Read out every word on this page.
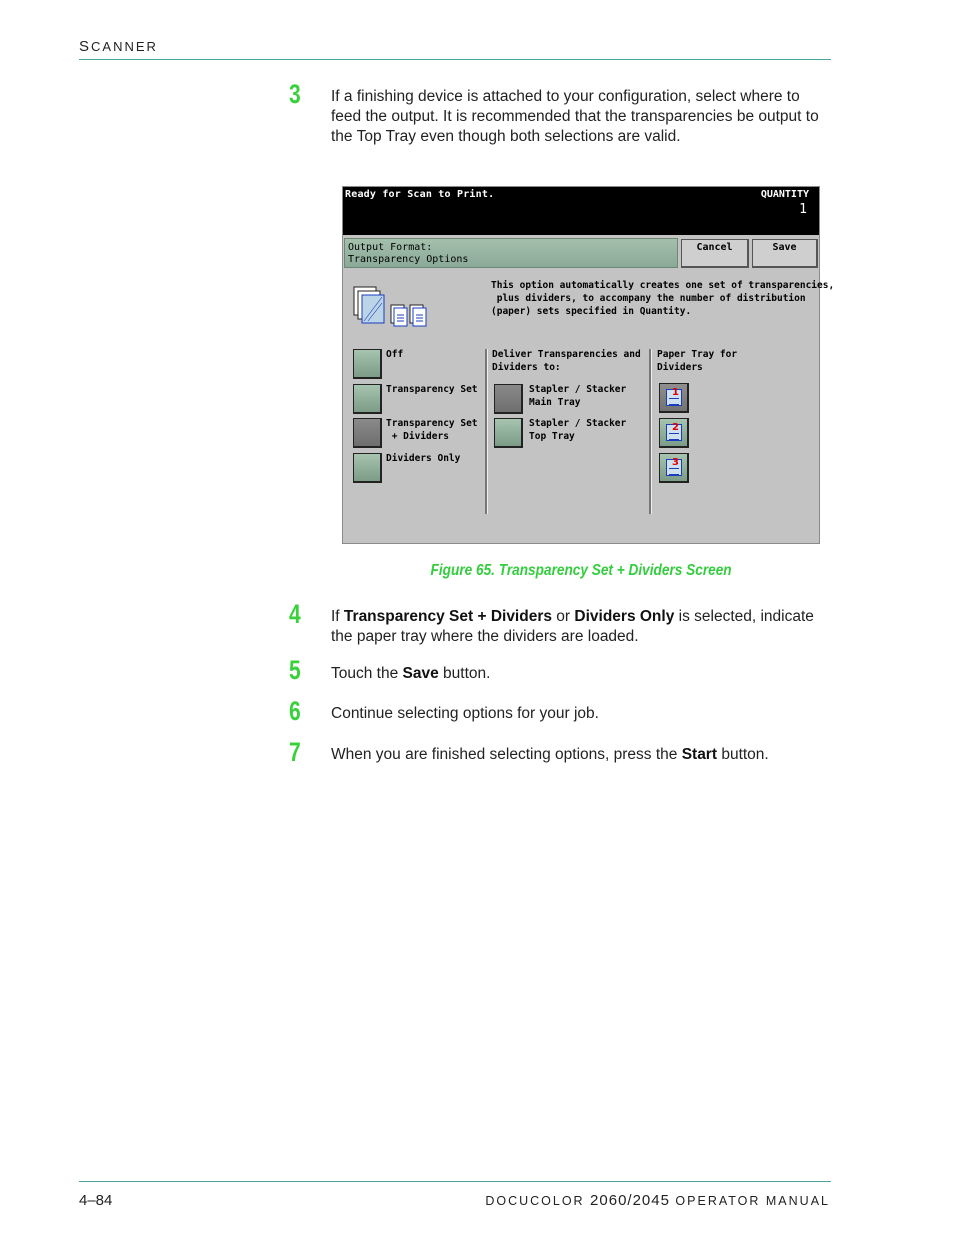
SCANNER
3 If a finishing device is attached to your configuration, select where to feed the output. It is recommended that the transparencies be output to the Top Tray even though both selections are valid.
Ready for Scan to Print.	QUANTITY
1
Output Format:
Transparency Options
Cancel	Save
This option automatically creates one set of transparencies,
plus dividers, to accompany the number of distribution
(paper) sets specified in Quantity.
Off
Transparency Set
Transparency Set
+ Dividers
Dividers Only
Deliver Transparencies and
Dividers to:
Stapler / Stacker
Main Tray
Stapler / Stacker
Top Tray
Paper Tray for
Dividers
1
2
3
Figure 65. Transparency Set + Dividers Screen
4 If Transparency Set + Dividers or Dividers Only is selected, indicate the paper tray where the dividers are loaded.
5 Touch the Save button.
6 Continue selecting options for your job.
7 When you are finished selecting options, press the Start button.
4–84	DOCUCOLOR 2060/2045 OPERATOR MANUAL
